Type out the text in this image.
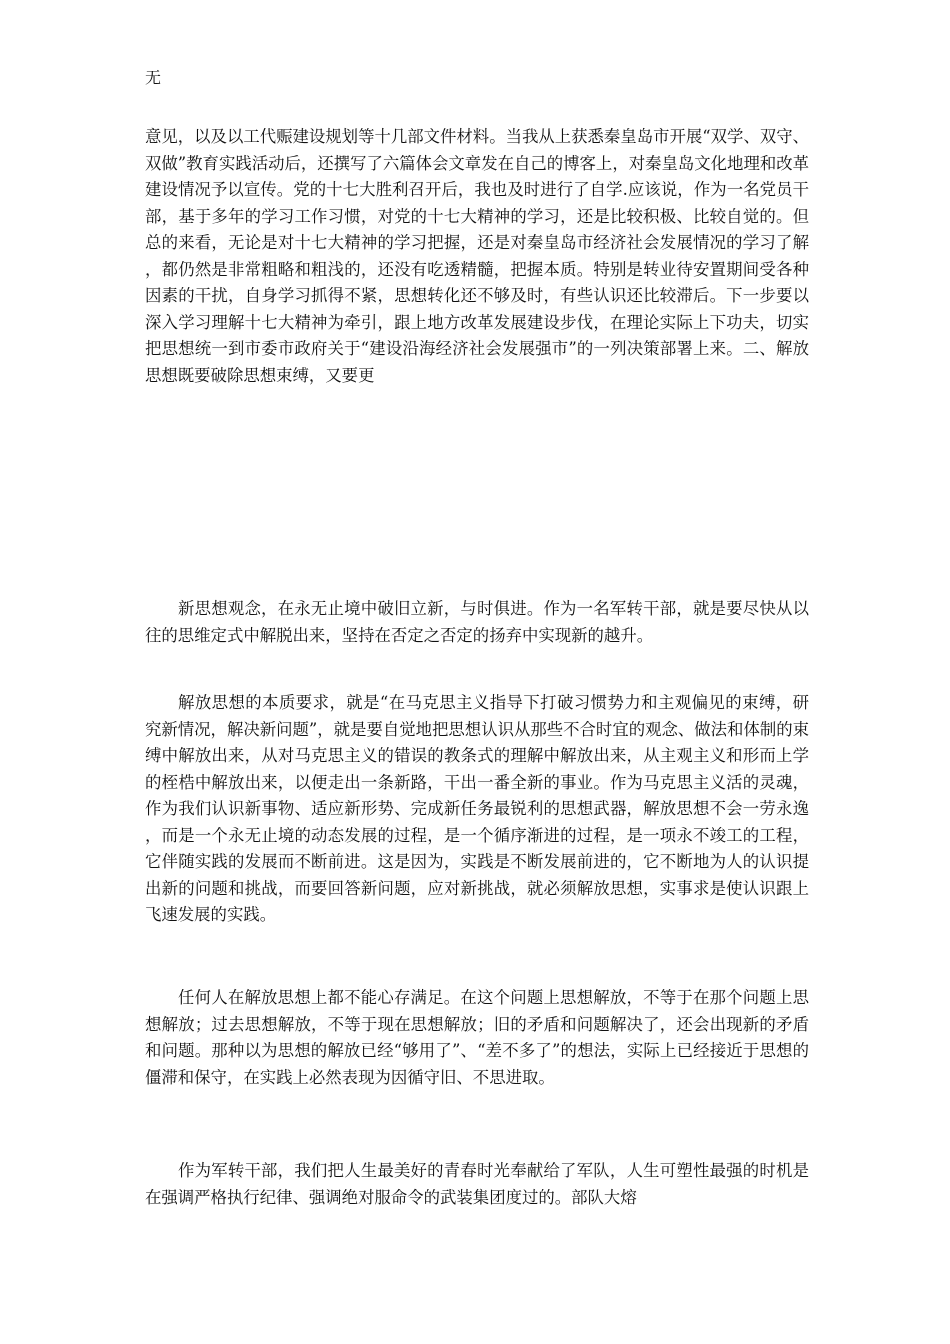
无

意见，以及以工代赈建设规划等十几部文件材料。当我从上获悉秦皇岛市开展“双学、双守、双做”教育实践活动后，还撰写了六篇体会文章发在自己的博客上，对秦皇岛文化地理和改革建设情况予以宣传。党的十七大胜利召开后，我也及时进行了自学.应该说，作为一名党员干部，基于多年的学习工作习惯，对党的十七大精神的学习，还是比较积极、比较自觉的。但总的来看，无论是对十七大精神的学习把握，还是对秦皇岛市经济社会发展情况的学习了解，都仍然是非常粗略和粗浅的，还没有吃透精髓，把握本质。特别是转业待安置期间受各种因素的干扰，自身学习抓得不紧，思想转化还不够及时，有些认识还比较滞后。下一步要以深入学习理解十七大精神为牵引，跟上地方改革发展建设步伐，在理论实际上下功夫，切实把思想统一到市委市政府关于“建设沿海经济社会发展强市”的一列决策部署上来。二、解放思想既要破除思想束缚，又要更

新思想观念，在永无止境中破旧立新，与时俱进。作为一名军转干部，就是要尽快从以往的思维定式中解脱出来，坚持在否定之否定的扬弃中实现新的越升。

解放思想的本质要求，就是“在马克思主义指导下打破习惯势力和主观偏见的束缚，研究新情况，解决新问题”，就是要自觉地把思想认识从那些不合时宜的观念、做法和体制的束缚中解放出来，从对马克思主义的错误的教条式的理解中解放出来，从主观主义和形而上学的桎梏中解放出来，以便走出一条新路，干出一番全新的事业。作为马克思主义活的灵魂，作为我们认识新事物、适应新形势、完成新任务最锐利的思想武器，解放思想不会一劳永逸，而是一个永无止境的动态发展的过程，是一个循序渐进的过程，是一项永不竣工的工程，它伴随实践的发展而不断前进。这是因为，实践是不断发展前进的，它不断地为人的认识提出新的问题和挑战，而要回答新问题，应对新挑战，就必须解放思想，实事求是使认识跟上飞速发展的实践。

任何人在解放思想上都不能心存满足。在这个问题上思想解放，不等于在那个问题上思想解放；过去思想解放，不等于现在思想解放；旧的矛盾和问题解决了，还会出现新的矛盾和问题。那种以为思想的解放已经“够用了”、“差不多了”的想法，实际上已经接近于思想的僵滞和保守，在实践上必然表现为因循守旧、不思进取。

作为军转干部，我们把人生最美好的青春时光奉献给了军队，人生可塑性最强的时机是在强调严格执行纪律、强调绝对服命令的武装集团度过的。部队大熔
